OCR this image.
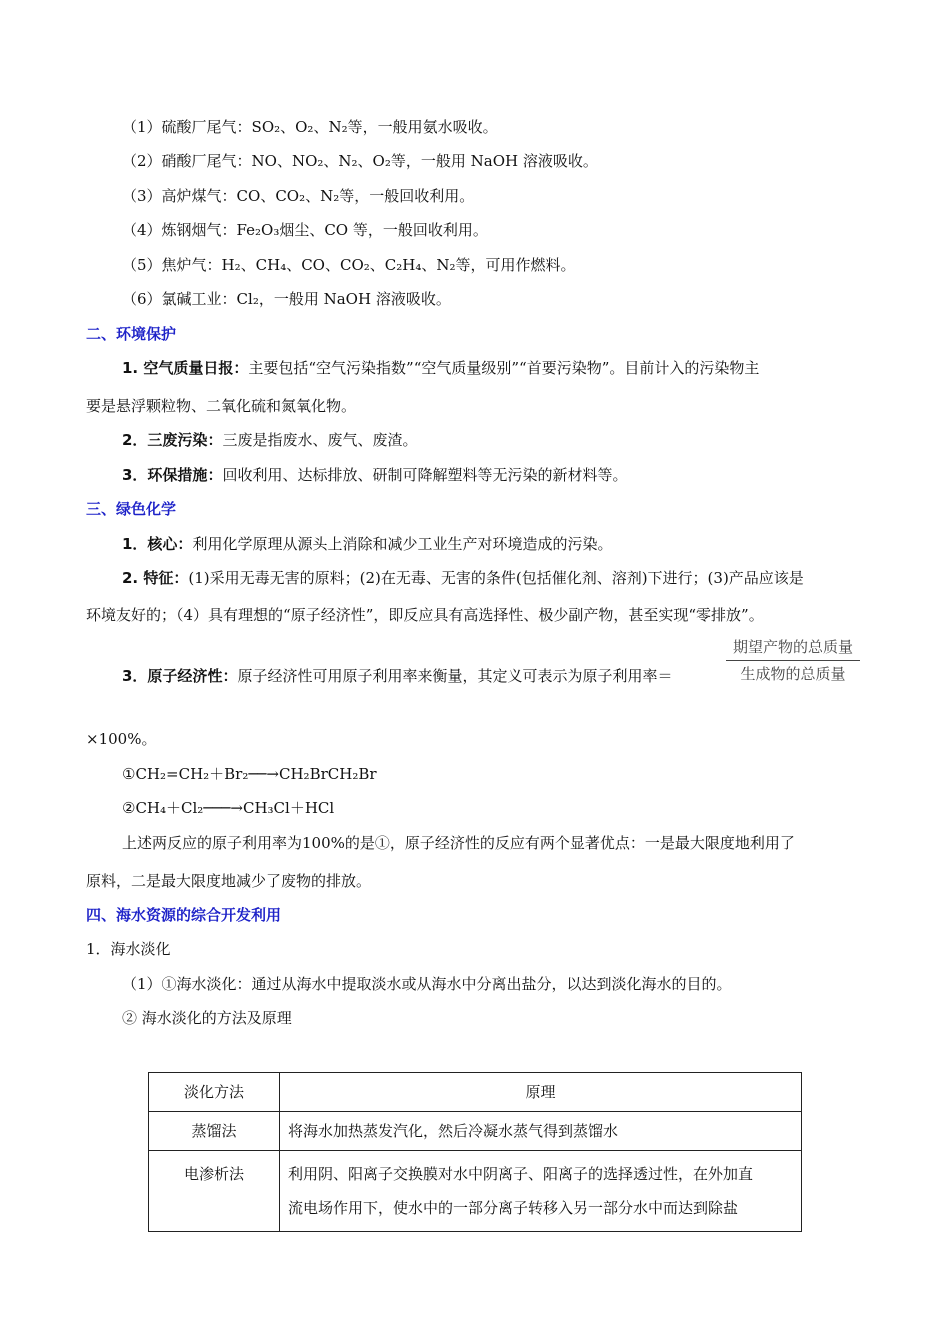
（1）硫酸厂尾气：SO₂、O₂、N₂等，一般用氨水吸收。
（2）硝酸厂尾气：NO、NO₂、N₂、O₂等，一般用 NaOH 溶液吸收。
（3）高炉煤气：CO、CO₂、N₂等，一般回收利用。
（4）炼钢烟气：Fe₂O₃烟尘、CO 等，一般回收利用。
（5）焦炉气：H₂、CH₄、CO、CO₂、C₂H₄、N₂等，可用作燃料。
（6）氯碱工业：Cl₂，一般用 NaOH 溶液吸收。
二、环境保护
1. 空气质量日报：主要包括“空气污染指数”“空气质量级别”“首要污染物”。目前计入的污染物主
要是悬浮颗粒物、二氧化硫和氮氧化物。
2．三废污染：三废是指废水、废气、废渣。
3．环保措施：回收利用、达标排放、研制可降解塑料等无污染的新材料等。
三、绿色化学
1．核心：利用化学原理从源头上消除和减少工业生产对环境造成的污染。
2. 特征：(1)采用无毒无害的原料；(2)在无毒、无害的条件(包括催化剂、溶剂)下进行；(3)产品应该是
环境友好的；（4）具有理想的“原子经济性”，即反应具有高选择性、极少副产物，甚至实现“零排放”。
3．原子经济性：原子经济性可用原子利用率来衡量，其定义可表示为原子利用率＝
期望产物的总质量
生成物的总质量
×100%。
①CH₂=CH₂＋Br₂──→CH₂BrCH₂Br
②CH₄＋Cl₂───→CH₃Cl＋HCl
上述两反应的原子利用率为100%的是①，原子经济性的反应有两个显著优点：一是最大限度地利用了
原料，二是最大限度地减少了废物的排放。
四、海水资源的综合开发利用
1．海水淡化
（1）①海水淡化：通过从海水中提取淡水或从海水中分离出盐分，以达到淡化海水的目的。
② 海水淡化的方法及原理
淡化方法	原理
蒸馏法	将海水加热蒸发汽化，然后冷凝水蒸气得到蒸馏水
电渗析法	利用阴、阳离子交换膜对水中阴离子、阳离子的选择透过性，在外加直
流电场作用下，使水中的一部分离子转移入另一部分水中而达到除盐
